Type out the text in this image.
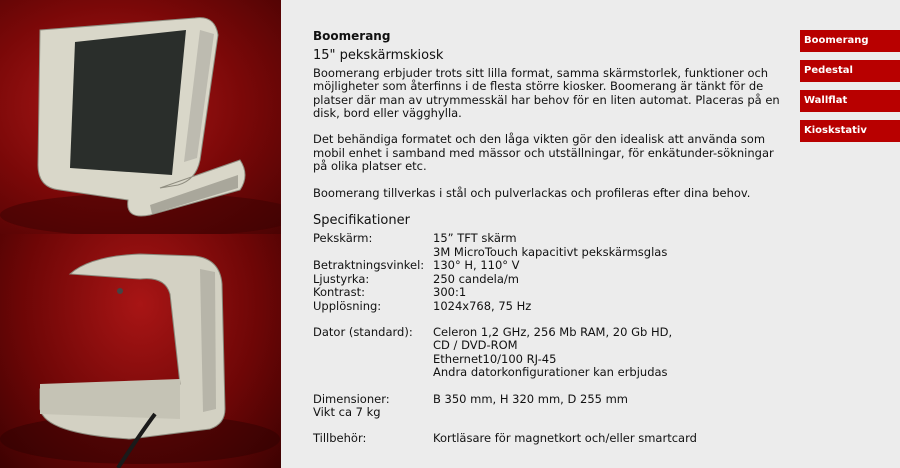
Boomerang
15" pekskärmskiosk

Boomerang erbjuder trots sitt lilla format, samma skärmstorlek, funktioner och möjligheter som återfinns i de flesta större kiosker. Boomerang är tänkt för de platser där man av utrymmesskäl har behov för en liten automat. Placeras på en disk, bord eller vägghylla.

Det behändiga formatet och den låga vikten gör den idealisk att använda som mobil enhet i samband med mässor och utställningar, för enkätunder-sökningar på olika platser etc.

Boomerang tillverkas i stål och pulverlackas och profileras efter dina behov.

Specifikationer
Pekskärm:	15” TFT skärm
3M MicroTouch kapacitivt pekskärmsglas
Betraktningsvinkel: 130° H, 110° V
Ljustyrka:	250 candela/m
Kontrast:	300:1
Upplösning:	1024x768, 75 Hz
Dator (standard):	Celeron 1,2 GHz, 256 Mb RAM, 20 Gb HD,
CD / DVD-ROM
Ethernet10/100 RJ-45
Andra datorkonfigurationer kan erbjudas
Dimensioner:	B 350 mm, H 320 mm, D 255 mm
Vikt ca 7 kg
Tillbehör:	Kortläsare för magnetkort och/eller smartcard
Boomerang
Pedestal
Wallflat
Kioskstativ
